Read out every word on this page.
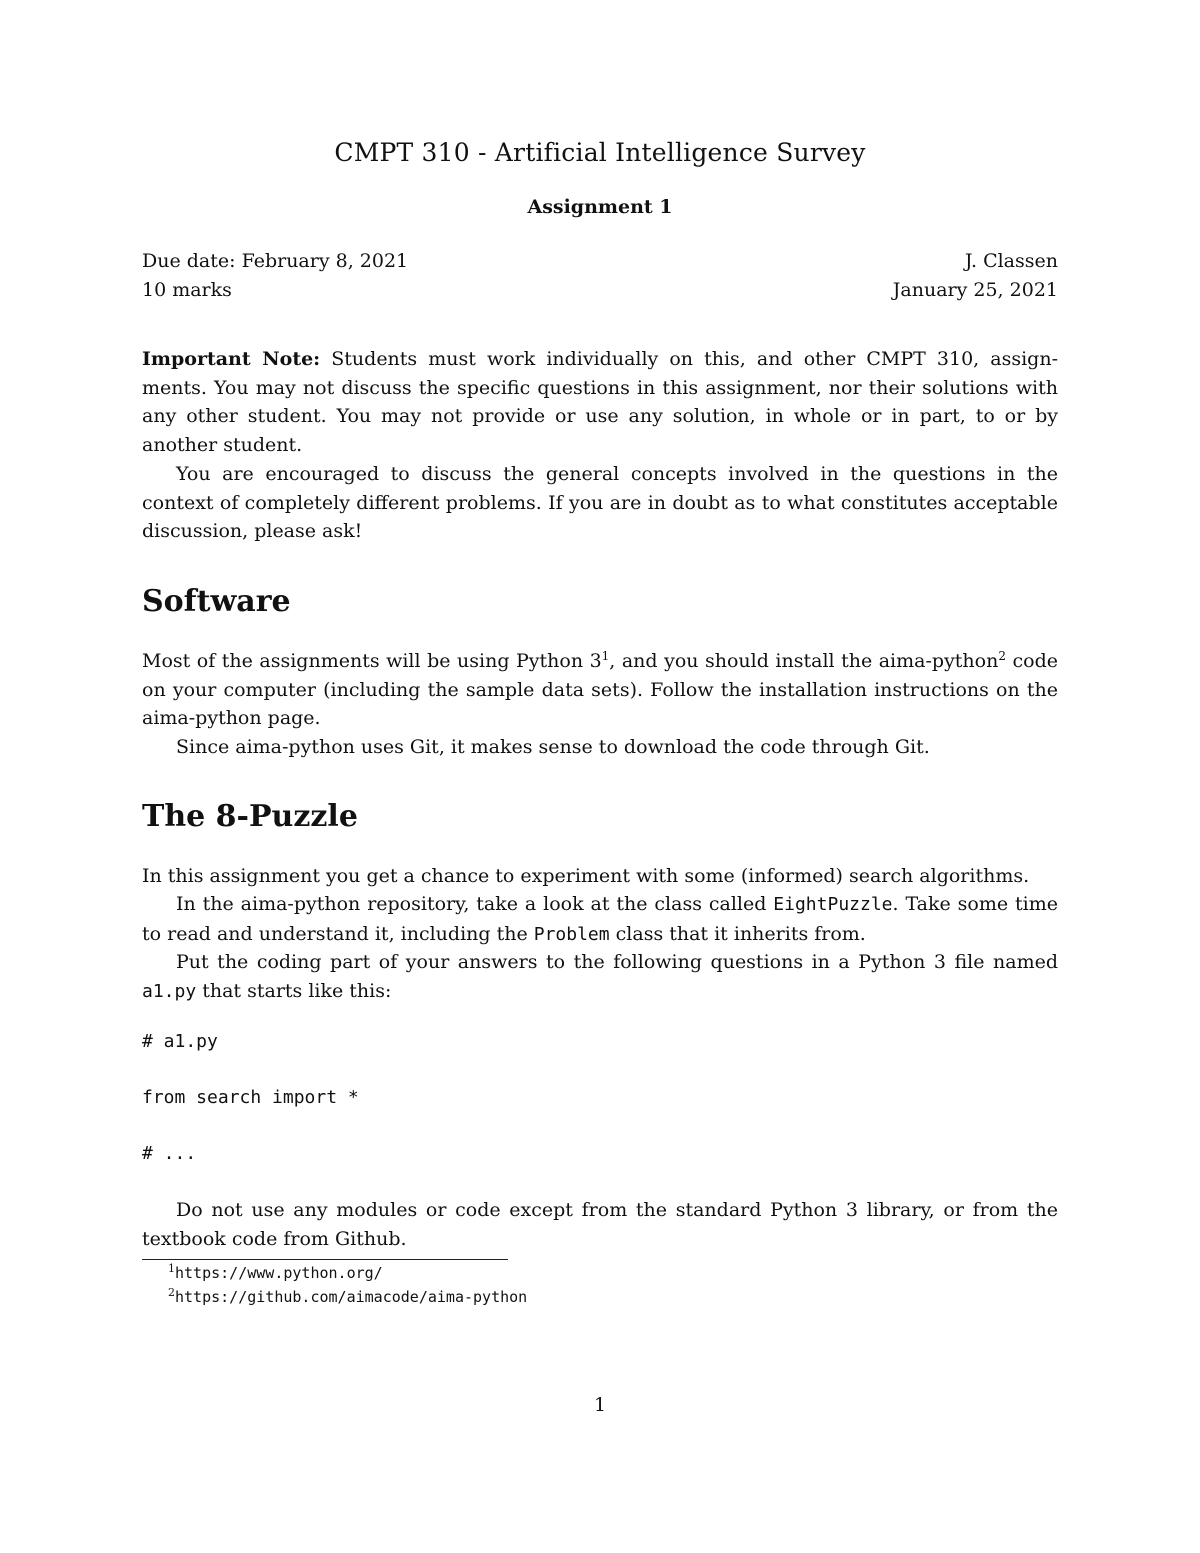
CMPT 310 - Artificial Intelligence Survey
Assignment 1
Due date: February 8, 2021	J. Classen
10 marks	January 25, 2021

Important Note: Students must work individually on this, and other CMPT 310, assign-ments. You may not discuss the specific questions in this assignment, nor their solutions with any other student. You may not provide or use any solution, in whole or in part, to or by another student.

You are encouraged to discuss the general concepts involved in the questions in the context of completely different problems. If you are in doubt as to what constitutes acceptable discussion, please ask!

Software

Most of the assignments will be using Python $3^1$, and you should install the aima-python$^2$ code on your computer (including the sample data sets). Follow the installation instructions on the aima-python page.

Since aima-python uses Git, it makes sense to download the code through Git.

The 8-Puzzle

In this assignment you get a chance to experiment with some (informed) search algorithms.

In the aima-python repository, take a look at the class called EightPuzzle. Take some time to read and understand it, including the Problem class that it inherits from.

Put the coding part of your answers to the following questions in a Python 3 file named a1.py that starts like this:

# a1.py
from search import *
# ...

Do not use any modules or code except from the standard Python 3 library, or from the textbook code from Github.

$^1$https://www.python.org/
$^2$https://github.com/aimacode/aima-python
1
